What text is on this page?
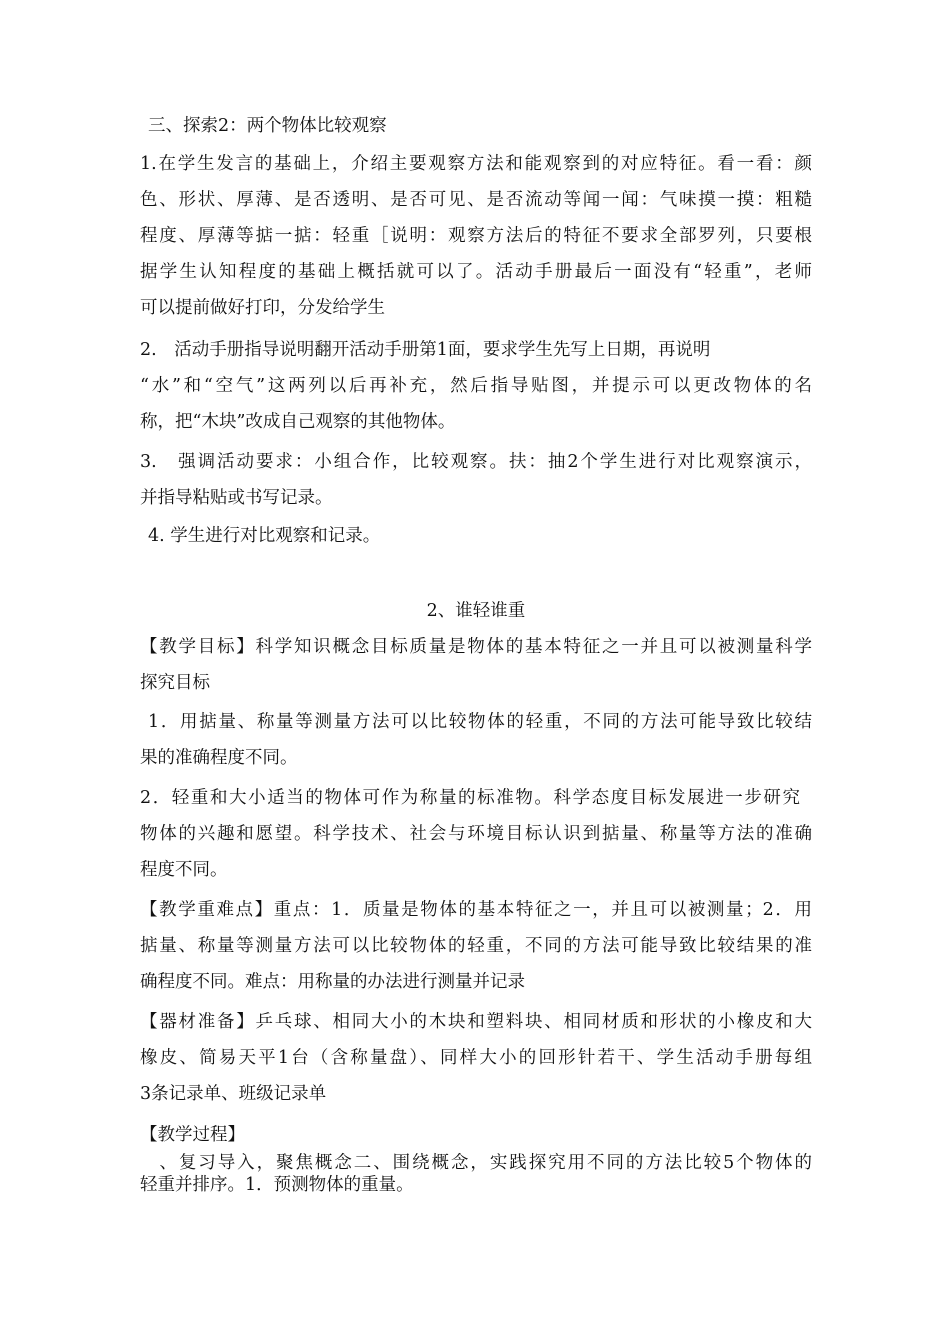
三、探索2：两个物体比较观察
1.在学生发言的基础上，介绍主要观察方法和能观察到的对应特征。看一看：颜
色、形状、厚薄、是否透明、是否可见、是否流动等闻一闻：气味摸一摸：粗糙
程度、厚薄等掂一掂：轻重［说明：观察方法后的特征不要求全部罗列，只要根
据学生认知程度的基础上概括就可以了。活动手册最后一面没有“轻重”，老师
可以提前做好打印，分发给学生
2.　活动手册指导说明翻开活动手册第1面，要求学生先写上日期，再说明
“水”和“空气”这两列以后再补充，然后指导贴图，并提示可以更改物体的名
称，把“木块”改成自己观察的其他物体。
3.　强调活动要求：小组合作，比较观察。扶：抽2个学生进行对比观察演示，
并指导粘贴或书写记录。
4. 学生进行对比观察和记录。
2、谁轻谁重
【教学目标】科学知识概念目标质量是物体的基本特征之一并且可以被测量科学
探究目标
1．用掂量、称量等测量方法可以比较物体的轻重，不同的方法可能导致比较结
果的准确程度不同。
2．轻重和大小适当的物体可作为称量的标准物。科学态度目标发展进一步研究
物体的兴趣和愿望。科学技术、社会与环境目标认识到掂量、称量等方法的准确
程度不同。
【教学重难点】重点：1．质量是物体的基本特征之一，并且可以被测量；2．用
掂量、称量等测量方法可以比较物体的轻重，不同的方法可能导致比较结果的准
确程度不同。难点：用称量的办法进行测量并记录
【器材准备】乒乓球、相同大小的木块和塑料块、相同材质和形状的小橡皮和大
橡皮、简易天平1台（含称量盘）、同样大小的回形针若干、学生活动手册每组
3条记录单、班级记录单
【教学过程】
　、复习导入，聚焦概念二、围绕概念，实践探究用不同的方法比较5个物体的
轻重并排序。1．预测物体的重量。
